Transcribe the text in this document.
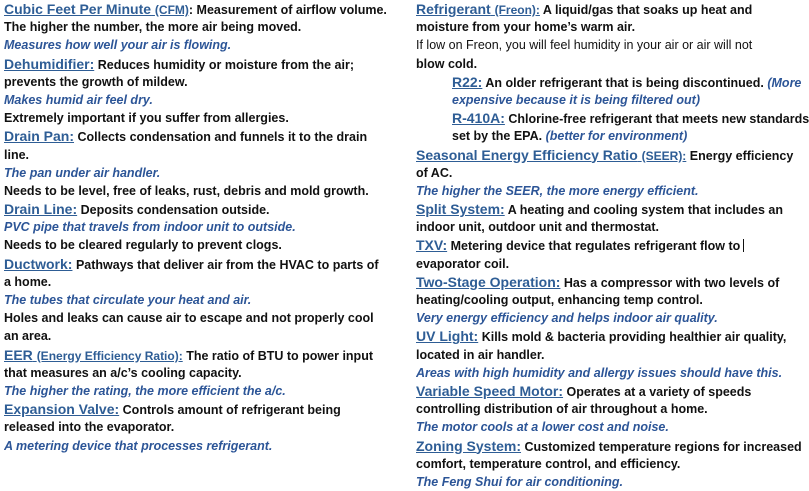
Cubic Feet Per Minute (CFM): Measurement of airflow volume.
The higher the number, the more air being moved.
Measures how well your air is flowing.
Dehumidifier: Reduces humidity or moisture from the air;
prevents the growth of mildew.
Makes humid air feel dry.
Extremely important if you suffer from allergies.
Drain Pan: Collects condensation and funnels it to the drain
line.
The pan under air handler.
Needs to be level, free of leaks, rust, debris and mold growth.
Drain Line: Deposits condensation outside.
PVC pipe that travels from indoor unit to outside.
Needs to be cleared regularly to prevent clogs.
Ductwork: Pathways that deliver air from the HVAC to parts of
a home.
The tubes that circulate your heat and air.
Holes and leaks can cause air to escape and not properly cool
an area.
EER (Energy Efficiency Ratio): The ratio of BTU to power input
that measures an a/c’s cooling capacity.
The higher the rating, the more efficient the a/c.
Expansion Valve: Controls amount of refrigerant being
released into the evaporator.
A metering device that processes refrigerant.
Refrigerant (Freon): A liquid/gas that soaks up heat and
moisture from your home’s warm air.
If low on Freon, you will feel humidity in your air or air will not
blow cold.
R22: An older refrigerant that is being discontinued. (More
expensive because it is being filtered out)
R-410A: Chlorine-free refrigerant that meets new standards
set by the EPA. (better for environment)
Seasonal Energy Efficiency Ratio (SEER): Energy efficiency
of AC.
The higher the SEER, the more energy efficient.
Split System: A heating and cooling system that includes an
indoor unit, outdoor unit and thermostat.
TXV: Metering device that regulates refrigerant flow to
evaporator coil.
Two-Stage Operation: Has a compressor with two levels of
heating/cooling output, enhancing temp control.
Very energy efficiency and helps indoor air quality.
UV Light: Kills mold & bacteria providing healthier air quality,
located in air handler.
Areas with high humidity and allergy issues should have this.
Variable Speed Motor: Operates at a variety of speeds
controlling distribution of air throughout a home.
The motor cools at a lower cost and noise.
Zoning System: Customized temperature regions for increased
comfort, temperature control, and efficiency.
The Feng Shui for air conditioning.
